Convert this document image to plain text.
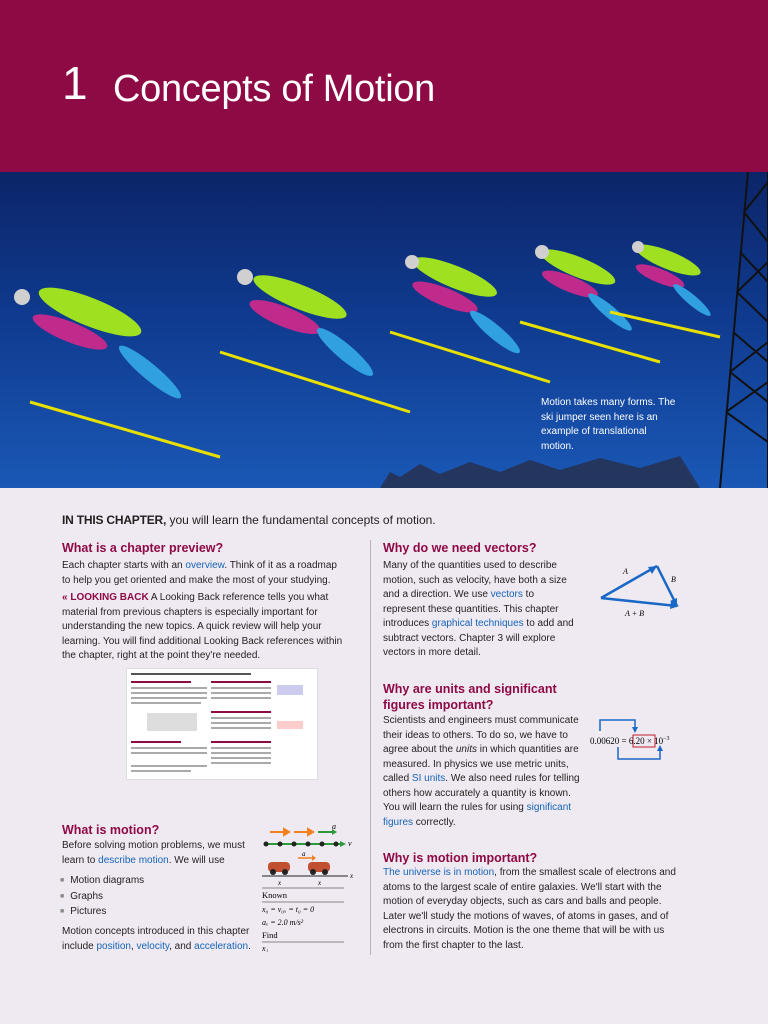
1 Concepts of Motion
Motion takes many forms. The ski jumper seen here is an example of translational motion.
IN THIS CHAPTER, you will learn the fundamental concepts of motion.
What is a chapter preview?
Each chapter starts with an overview. Think of it as a roadmap to help you get oriented and make the most of your studying.
« LOOKING BACK A Looking Back reference tells you what material from previous chapters is especially important for understanding the new topics. A quick review will help your learning. You will find additional Looking Back references within the chapter, right at the point they're needed.
What is motion?
Before solving motion problems, we must learn to describe motion. We will use
■ Motion diagrams
■ Graphs
■ Pictures
Motion concepts introduced in this chapter include position, velocity, and acceleration.
a
v
a
x
x	x
Known
x₀ = v₀ₓ = t₀ = 0
aₓ = 2.0 m/s²
Find
x₁
Why do we need vectors?
Many of the quantities used to describe motion, such as velocity, have both a size and a direction. We use vectors to represent these quantities. This chapter introduces graphical techniques to add and subtract vectors. Chapter 3 will explore vectors in more detail.
A
B
A + B
Why are units and significant
figures important?
Scientists and engineers must communicate their ideas to others. To do so, we have to agree about the units in which quantities are measured. In physics we use metric units, called SI units. We also need rules for telling others how accurately a quantity is known. You will learn the rules for using significant figures correctly.
$0.00620 = 6.20 \times 10^{-3}$
Why is motion important?
The universe is in motion, from the smallest scale of electrons and atoms to the largest scale of entire galaxies. We'll start with the motion of everyday objects, such as cars and balls and people. Later we'll study the motions of waves, of atoms in gases, and of electrons in circuits. Motion is the one theme that will be with us from the first chapter to the last.
